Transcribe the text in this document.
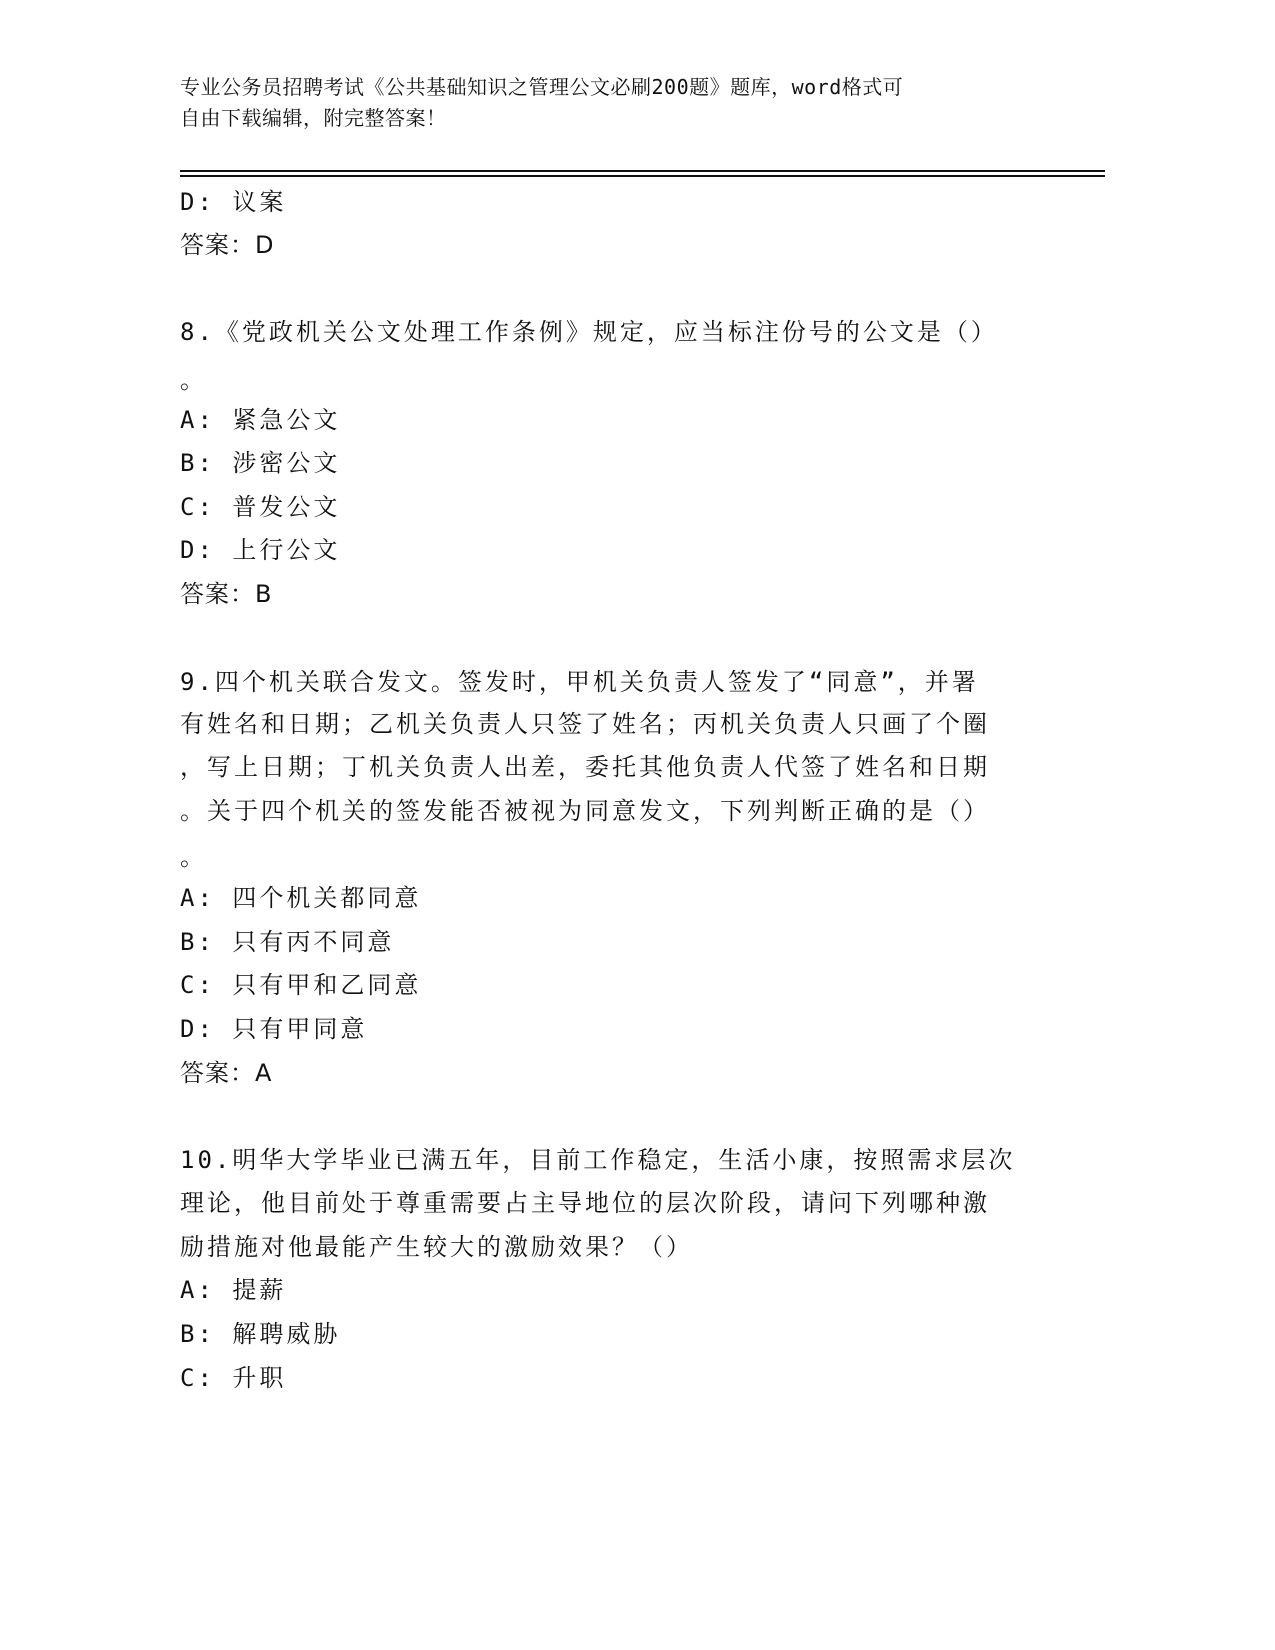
专业公务员招聘考试《公共基础知识之管理公文必刷200题》题库，word格式可
自由下载编辑，附完整答案！
D: 议案
答案：D
8.《党政机关公文处理工作条例》规定，应当标注份号的公文是（）
。
A: 紧急公文
B: 涉密公文
C: 普发公文
D: 上行公文
答案：B
9.四个机关联合发文。签发时，甲机关负责人签发了“同意”，并署
有姓名和日期；乙机关负责人只签了姓名；丙机关负责人只画了个圈
，写上日期；丁机关负责人出差，委托其他负责人代签了姓名和日期
。关于四个机关的签发能否被视为同意发文，下列判断正确的是（）
。
A: 四个机关都同意
B: 只有丙不同意
C: 只有甲和乙同意
D: 只有甲同意
答案：A
10.明华大学毕业已满五年，目前工作稳定，生活小康，按照需求层次
理论，他目前处于尊重需要占主导地位的层次阶段，请问下列哪种激
励措施对他最能产生较大的激励效果？（）
A: 提薪
B: 解聘威胁
C: 升职
